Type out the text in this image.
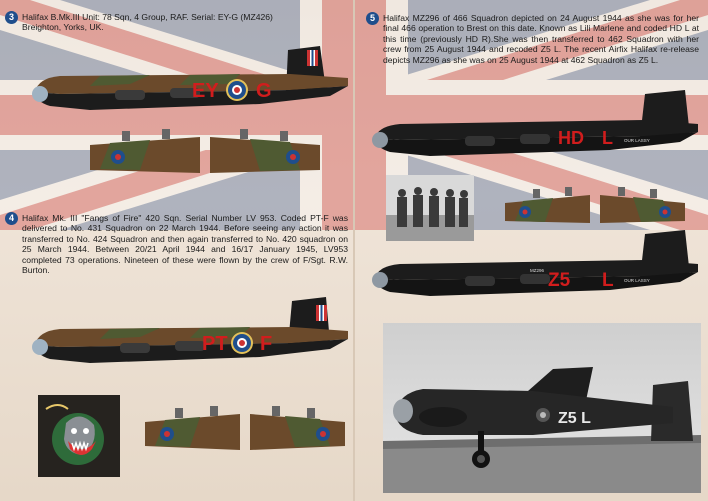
3 Halifax B.Mk.III Unit: 78 Sqn, 4 Group, RAF. Serial: EY-G (MZ426)
Breighton, Yorks, UK.
EY G
4 Halifax Mk. III "Fangs of Fire" 420 Sqn. Serial Number LV 953. Coded PT-F was delivered to No. 431 Squadron on 22 March 1944. Before seeing any action it was transferred to No. 424 Squadron and then again transferred to No. 420 squadron on 25 March 1944. Between 20/21 April 1944 and 16/17 January 1945, LV953 completed 73 operations. Nineteen of these were flown by the crew of F/Sgt. R.W. Burton.
PT F
5 Halifax MZ296 of 466 Squadron depicted on 24 August 1944 as she was for her final 466 operation to Brest on this date. Known as Lili Marlene and coded HD L at this time (previously HD R).She was then transferred to 462 Squadron with her crew from 25 August 1944 and recoded Z5 L. The recent Airfix Halifax re-release depicts MZ296 as she was on 25 August 1944 at 462 Squadron as Z5 L.
HD L OUR LASSY
MZ296 Z5 L OUR LASSY
Z5 L
